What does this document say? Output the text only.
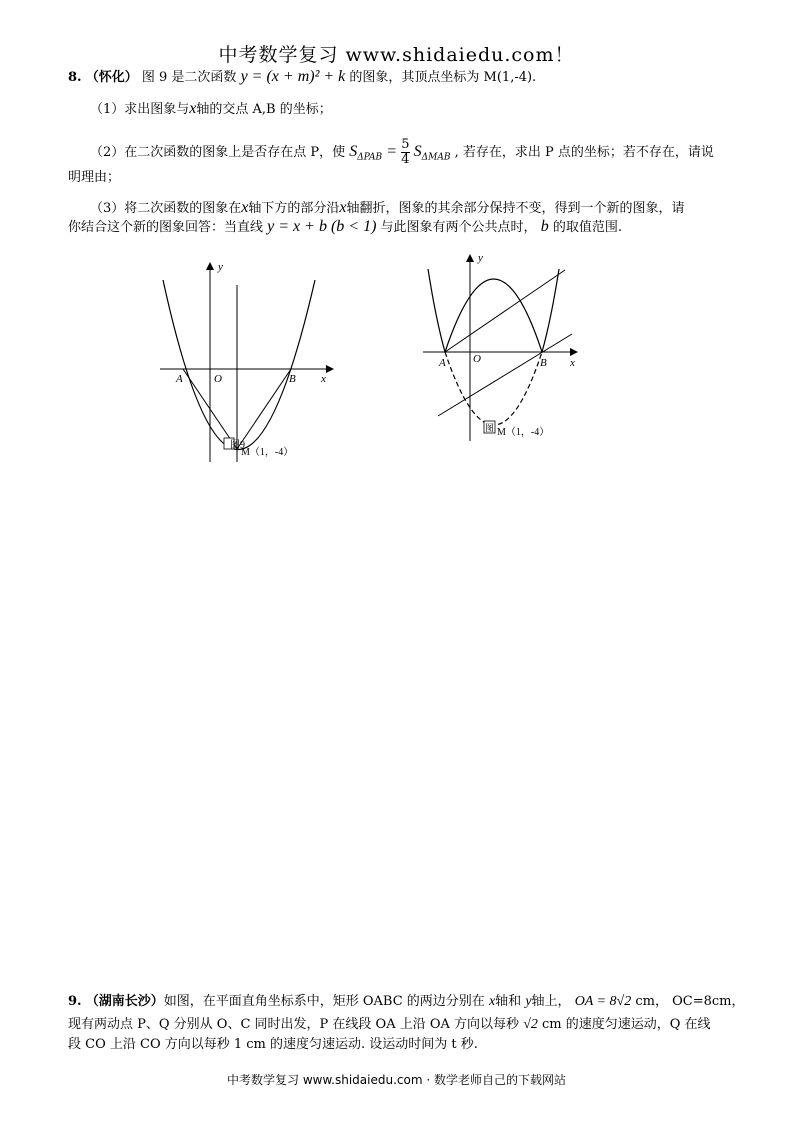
中考数学复习 www.shidaiedu.com！
8. （怀化） 图 9 是二次函数 y = (x + m)² + k 的图象，其顶点坐标为 M(1,-4).
（1）求出图象与x轴的交点 A,B 的坐标；
（2）在二次函数的图象上是否存在点 P，使 $S_{\Delta PAB} = \frac{5}{4} S_{\Delta MAB}$ , 若存在，求出 P 点的坐标；若不存在，请说
明理由；
（3）将二次函数的图象在x轴下方的部分沿x轴翻折，图象的其余部分保持不变，得到一个新的图象，请
你结合这个新的图象回答：当直线 y = x + b (b < 1) 与此图象有两个公共点时， b 的取值范围.
y
x
A	O	B
图9
M（1，-4）
y
x
A O	B
图 M（1，-4）
9. （湖南长沙）如图，在平面直角坐标系中，矩形 OABC 的两边分别在 x轴和 y轴上， OA = 8√2 cm， OC=8cm，
现有两动点 P、Q 分别从 O、C 同时出发，P 在线段 OA 上沿 OA 方向以每秒 √2 cm 的速度匀速运动，Q 在线
段 CO 上沿 CO 方向以每秒 1 cm 的速度匀速运动. 设运动时间为 t 秒.
中考数学复习 www.shidaiedu.com · 数学老师自己的下载网站
